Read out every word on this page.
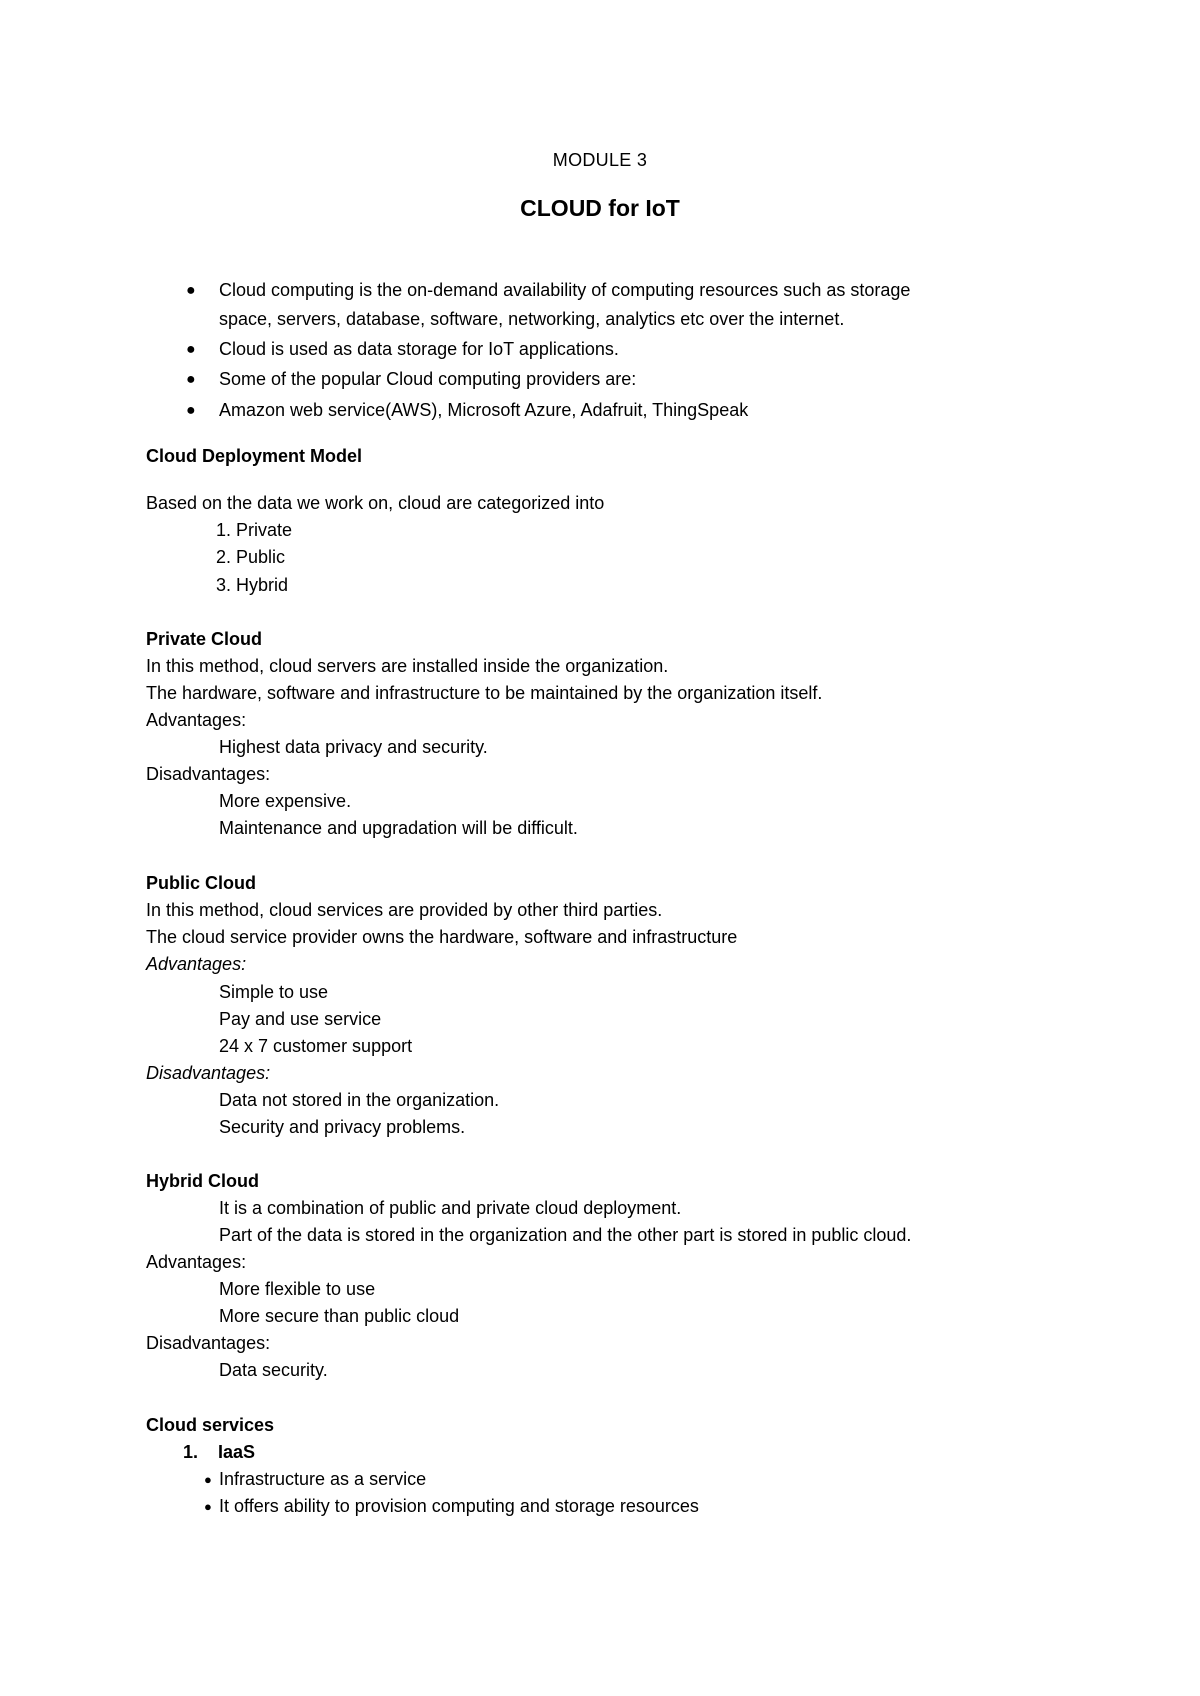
MODULE 3
CLOUD for IoT
● Cloud computing is the on-demand availability of computing resources such as storage
space, servers, database, software, networking, analytics etc over the internet.
● Cloud is used as data storage for IoT applications.
● Some of the popular Cloud computing providers are:
● Amazon web service(AWS), Microsoft Azure, Adafruit, ThingSpeak
Cloud Deployment Model
Based on the data we work on, cloud are categorized into
1. Private
2. Public
3. Hybrid
Private Cloud
In this method, cloud servers are installed inside the organization.
The hardware, software and infrastructure to be maintained by the organization itself.
Advantages:
Highest data privacy and security.
Disadvantages:
More expensive.
Maintenance and upgradation will be difficult.
Public Cloud
In this method, cloud services are provided by other third parties.
The cloud service provider owns the hardware, software and infrastructure
Advantages:
Simple to use
Pay and use service
24 x 7 customer support
Disadvantages:
Data not stored in the organization.
Security and privacy problems.
Hybrid Cloud
It is a combination of public and private cloud deployment.
Part of the data is stored in the organization and the other part is stored in public cloud.
Advantages:
More flexible to use
More secure than public cloud
Disadvantages:
Data security.
Cloud services
1. IaaS
● Infrastructure as a service
● It offers ability to provision computing and storage resources
